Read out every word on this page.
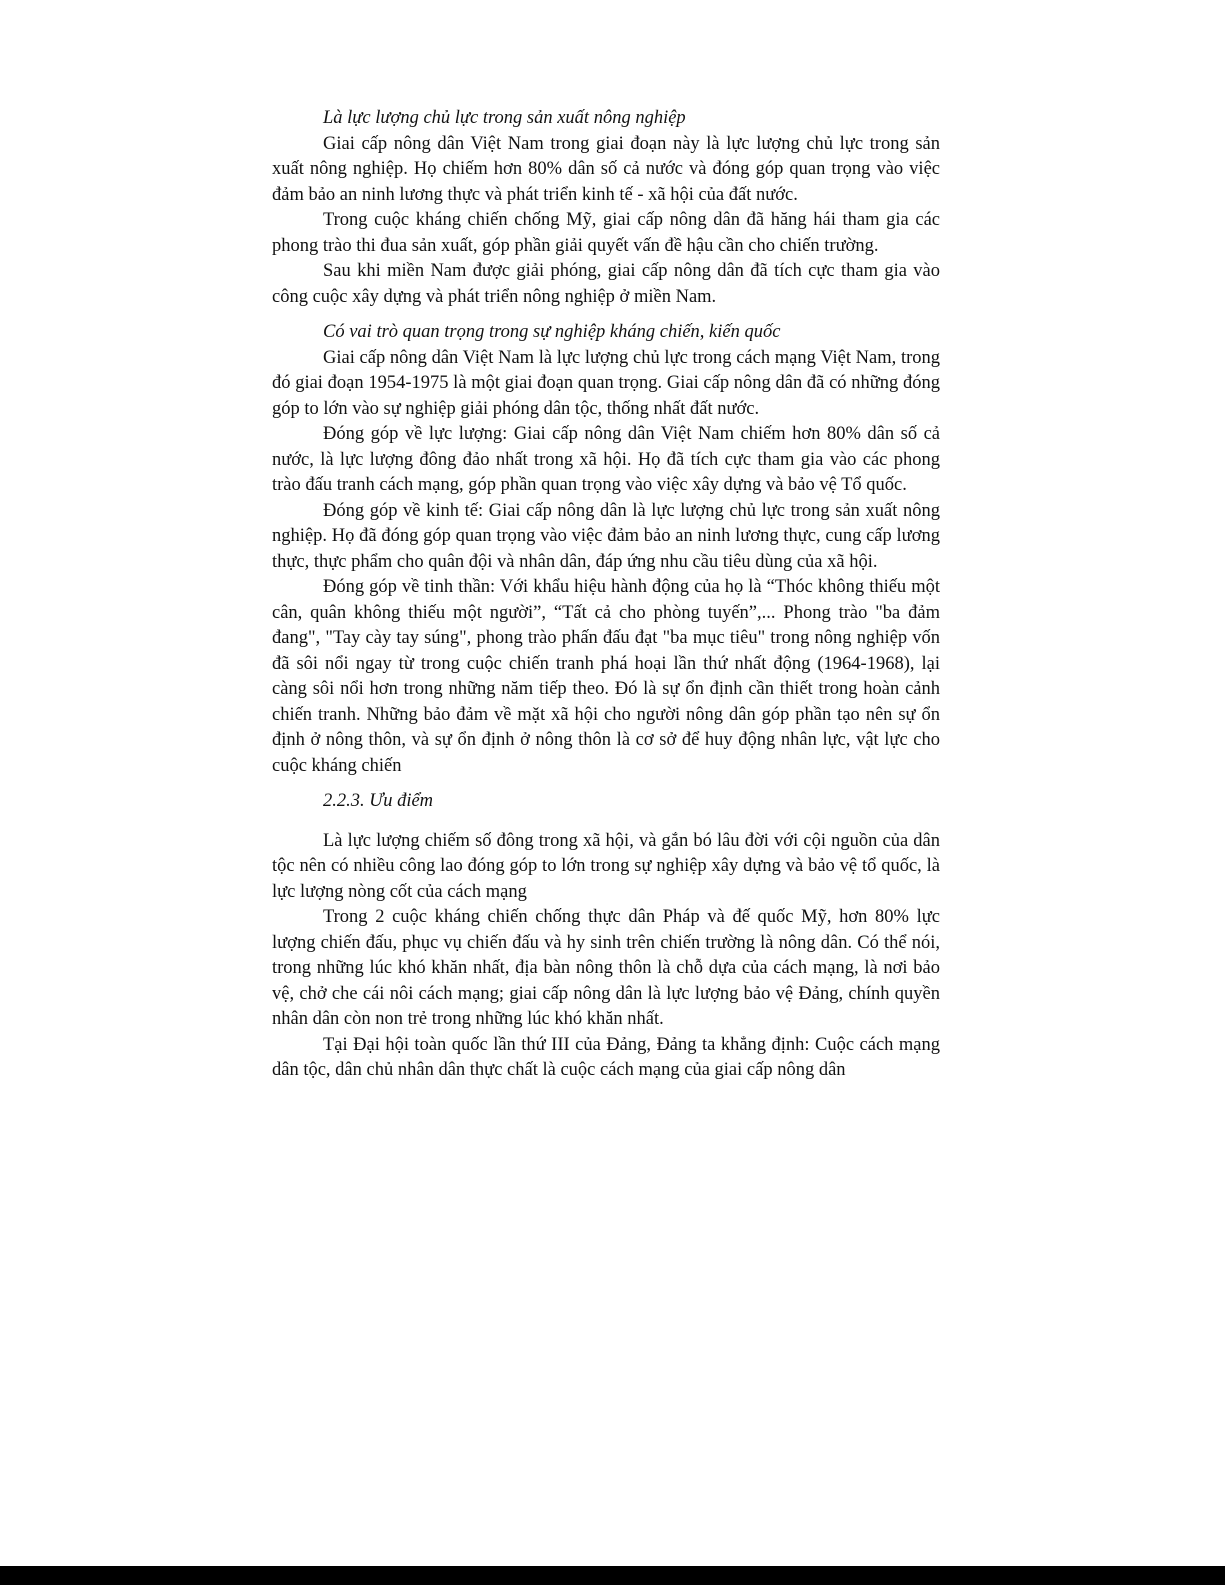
Là lực lượng chủ lực trong sản xuất nông nghiệp

Giai cấp nông dân Việt Nam trong giai đoạn này là lực lượng chủ lực trong sản xuất nông nghiệp. Họ chiếm hơn 80% dân số cả nước và đóng góp quan trọng vào việc đảm bảo an ninh lương thực và phát triển kinh tế - xã hội của đất nước.

Trong cuộc kháng chiến chống Mỹ, giai cấp nông dân đã hăng hái tham gia các phong trào thi đua sản xuất, góp phần giải quyết vấn đề hậu cần cho chiến trường.

Sau khi miền Nam được giải phóng, giai cấp nông dân đã tích cực tham gia vào công cuộc xây dựng và phát triển nông nghiệp ở miền Nam.

Có vai trò quan trọng trong sự nghiệp kháng chiến, kiến quốc

Giai cấp nông dân Việt Nam là lực lượng chủ lực trong cách mạng Việt Nam, trong đó giai đoạn 1954-1975 là một giai đoạn quan trọng. Giai cấp nông dân đã có những đóng góp to lớn vào sự nghiệp giải phóng dân tộc, thống nhất đất nước.

Đóng góp về lực lượng: Giai cấp nông dân Việt Nam chiếm hơn 80% dân số cả nước, là lực lượng đông đảo nhất trong xã hội. Họ đã tích cực tham gia vào các phong trào đấu tranh cách mạng, góp phần quan trọng vào việc xây dựng và bảo vệ Tổ quốc.

Đóng góp về kinh tế: Giai cấp nông dân là lực lượng chủ lực trong sản xuất nông nghiệp. Họ đã đóng góp quan trọng vào việc đảm bảo an ninh lương thực, cung cấp lương thực, thực phẩm cho quân đội và nhân dân, đáp ứng nhu cầu tiêu dùng của xã hội.

Đóng góp về tinh thần: Với khẩu hiệu hành động của họ là “Thóc không thiếu một cân, quân không thiếu một người”, “Tất cả cho phòng tuyến”,... Phong trào "ba đảm đang", "Tay cày tay súng", phong trào phấn đấu đạt "ba mục tiêu" trong nông nghiệp vốn đã sôi nổi ngay từ trong cuộc chiến tranh phá hoại lần thứ nhất động (1964-1968), lại càng sôi nổi hơn trong những năm tiếp theo. Đó là sự ổn định cần thiết trong hoàn cảnh chiến tranh. Những bảo đảm về mặt xã hội cho người nông dân góp phần tạo nên sự ổn định ở nông thôn, và sự ổn định ở nông thôn là cơ sở để huy động nhân lực, vật lực cho cuộc kháng chiến

2.2.3. Ưu điểm

Là lực lượng chiếm số đông trong xã hội, và gắn bó lâu đời với cội nguồn của dân tộc nên có nhiều công lao đóng góp to lớn trong sự nghiệp xây dựng và bảo vệ tổ quốc, là lực lượng nòng cốt của cách mạng

Trong 2 cuộc kháng chiến chống thực dân Pháp và đế quốc Mỹ, hơn 80% lực lượng chiến đấu, phục vụ chiến đấu và hy sinh trên chiến trường là nông dân. Có thể nói, trong những lúc khó khăn nhất, địa bàn nông thôn là chỗ dựa của cách mạng, là nơi bảo vệ, chở che cái nôi cách mạng; giai cấp nông dân là lực lượng bảo vệ Đảng, chính quyền nhân dân còn non trẻ trong những lúc khó khăn nhất.

Tại Đại hội toàn quốc lần thứ III của Đảng, Đảng ta khẳng định: Cuộc cách mạng dân tộc, dân chủ nhân dân thực chất là cuộc cách mạng của giai cấp nông dân
